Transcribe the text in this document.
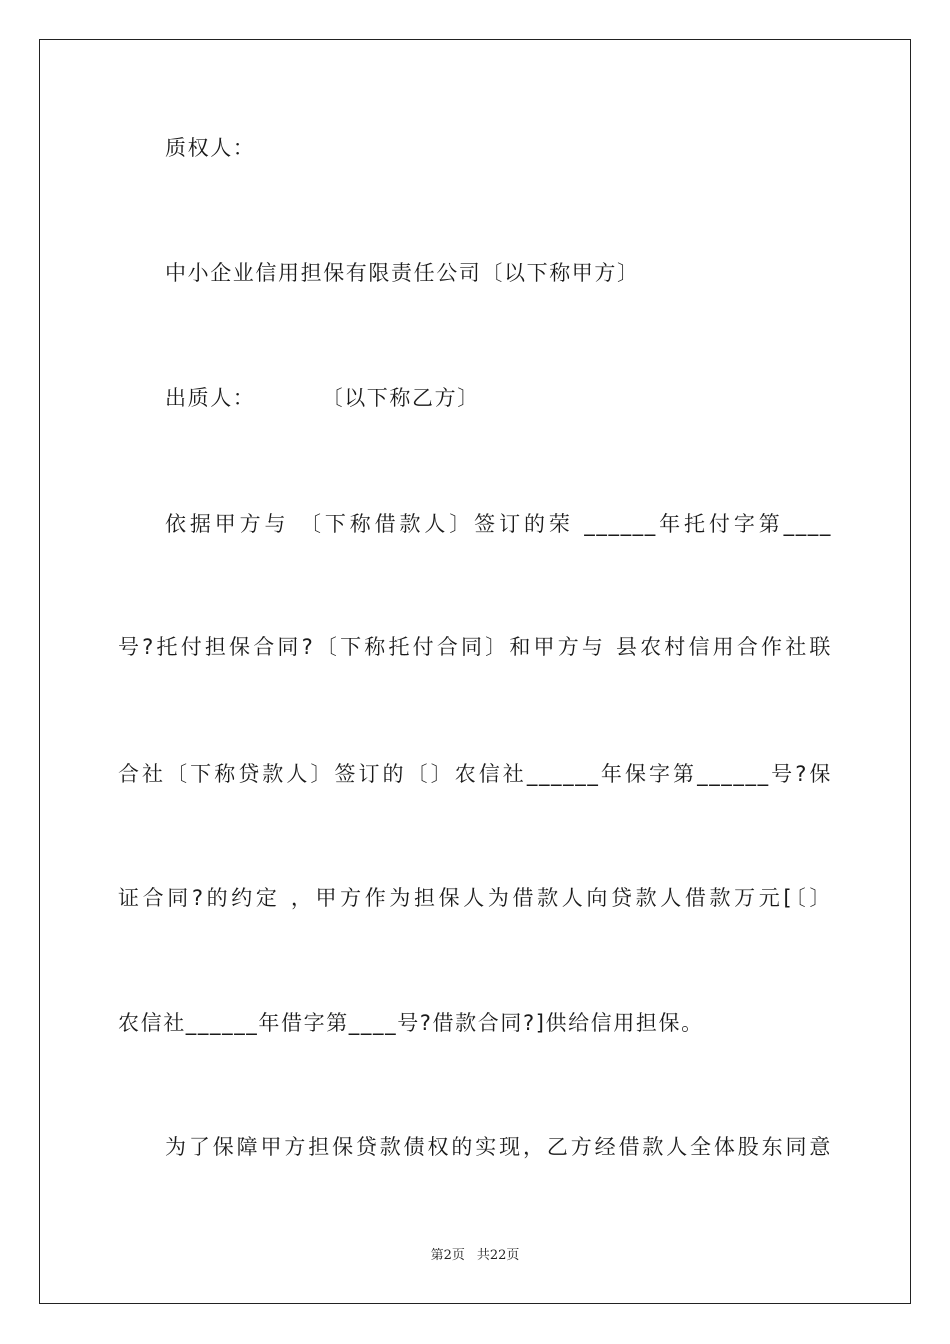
质权人：
中小企业信用担保有限责任公司〔以下称甲方〕
出质人：        〔以下称乙方〕
依据甲方与 〔下称借款人〕签订的荣 ______年托付字第____
号?托付担保合同?〔下称托付合同〕和甲方与 县农村信用合作社联
合社〔下称贷款人〕签订的〔〕农信社______年保字第______号?保
证合同?的约定 ，甲方作为担保人为借款人向贷款人借款万元[〔〕
农信社______年借字第____号?借款合同?]供给信用担保。
为了保障甲方担保贷款债权的实现，乙方经借款人全体股东同意
第2页 共22页
